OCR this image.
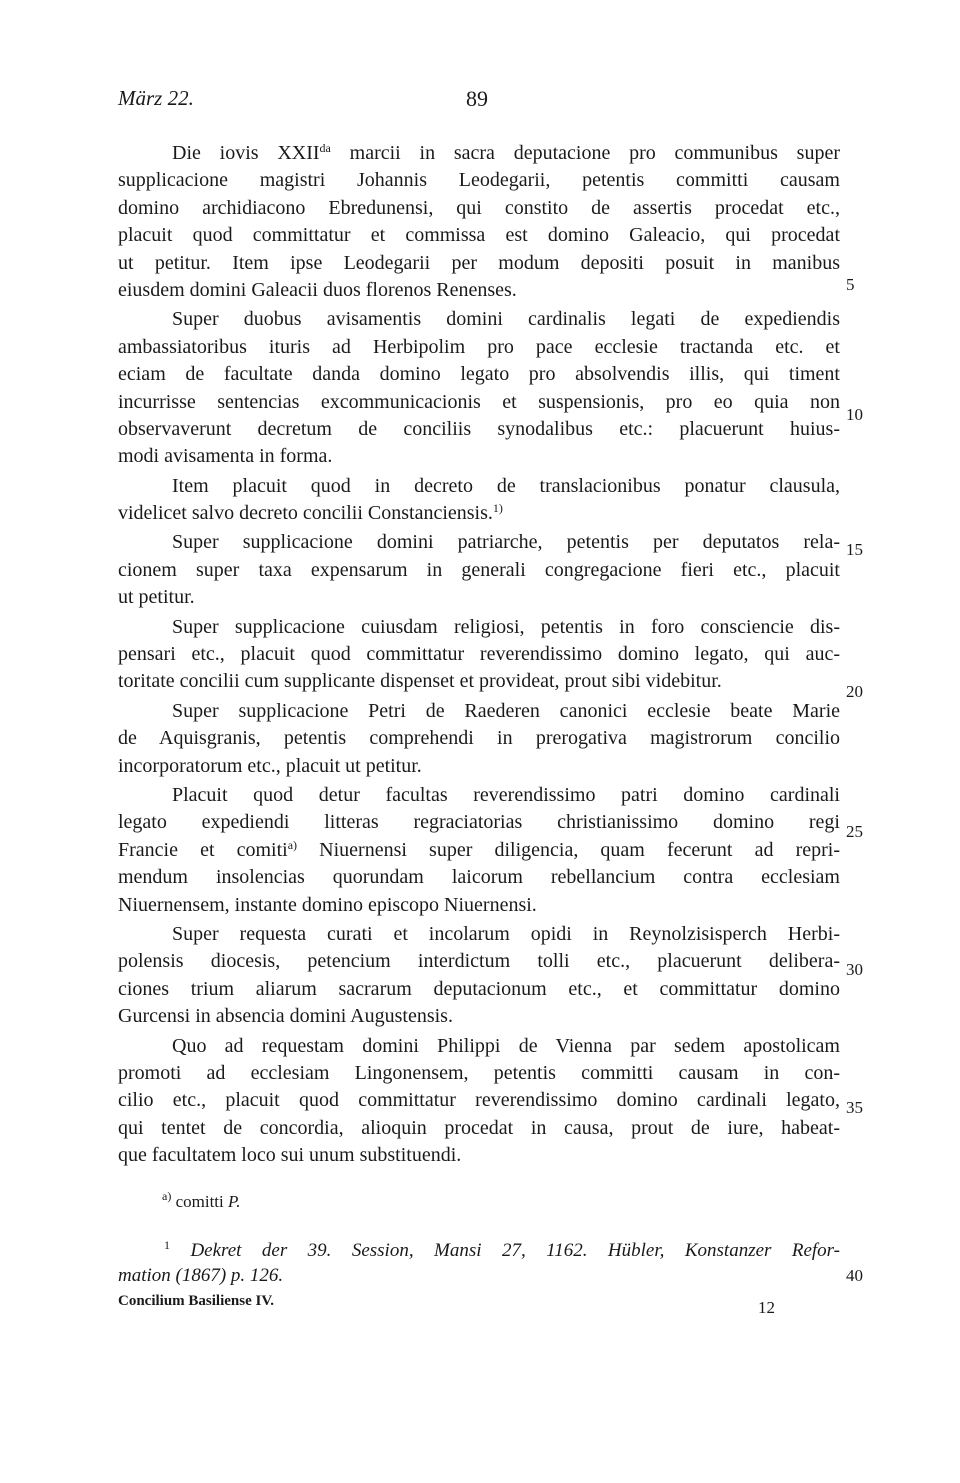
März 22.	89
Die iovis $XXII^{da}$ marcii in sacra deputacione pro communibus super
supplicacione magistri Johannis Leodegarii, petentis committi causam
domino archidiacono Ebredunensi, qui constito de assertis procedat etc.,
placuit quod committatur et commissa est domino Galeacio, qui procedat
ut petitur. Item ipse Leodegarii per modum depositi posuit in manibus
eiusdem domini Galeacii duos florenos Renenses.
Super duobus avisamentis domini cardinalis legati de expediendis
ambassiatoribus ituris ad Herbipolim pro pace ecclesie tractanda etc. et
eciam de facultate danda domino legato pro absolvendis illis, qui timent
incurrisse sentencias excommunicacionis et suspensionis, pro eo quia non
observaverunt decretum de conciliis synodalibus etc.: placuerunt huius-
modi avisamenta in forma.
Item placuit quod in decreto de translacionibus ponatur clausula,
videlicet salvo decreto concilii Constanciensis.$^{1)}$
Super supplicacione domini patriarche, petentis per deputatos rela-
cionem super taxa expensarum in generali congregacione fieri etc., placuit
ut petitur.
Super supplicacione cuiusdam religiosi, petentis in foro consciencie dis-
pensari etc., placuit quod committatur reverendissimo domino legato, qui auc-
toritate concilii cum supplicante dispenset et provideat, prout sibi videbitur.
Super supplicacione Petri de Raederen canonici ecclesie beate Marie
de Aquisgranis, petentis comprehendi in prerogativa magistrorum concilio
incorporatorum etc., placuit ut petitur.
Placuit quod detur facultas reverendissimo patri domino cardinali
legato expediendi litteras regraciatorias christianissimo domino regi
Francie et comiti$^{a)}$ Niuernensi super diligencia, quam fecerunt ad repri-
mendum insolencias quorundam laicorum rebellancium contra ecclesiam
Niuernensem, instante domino episcopo Niuernensi.
Super requesta curati et incolarum opidi in Reynolzisisperch Herbi-
polensis diocesis, petencium interdictum tolli etc., placuerunt delibera-
ciones trium aliarum sacrarum deputacionum etc., et committatur domino
Gurcensi in absencia domini Augustensis.
Quo ad requestam domini Philippi de Vienna par sedem apostolicam
promoti ad ecclesiam Lingonensem, petentis committi causam in con-
cilio etc., placuit quod committatur reverendissimo domino cardinali legato,
qui tentet de concordia, alioquin procedat in causa, prout de iure, habeat-
que facultatem loco sui unum substituendi.
5
10
15
20
25
30
35
40
$^{a)}$ comitti P.
$^1$ Dekret der 39. Session, Mansi 27, 1162. Hübler, Konstanzer Refor-
mation (1867) p. 126.
Concilium Basiliense IV.	12
